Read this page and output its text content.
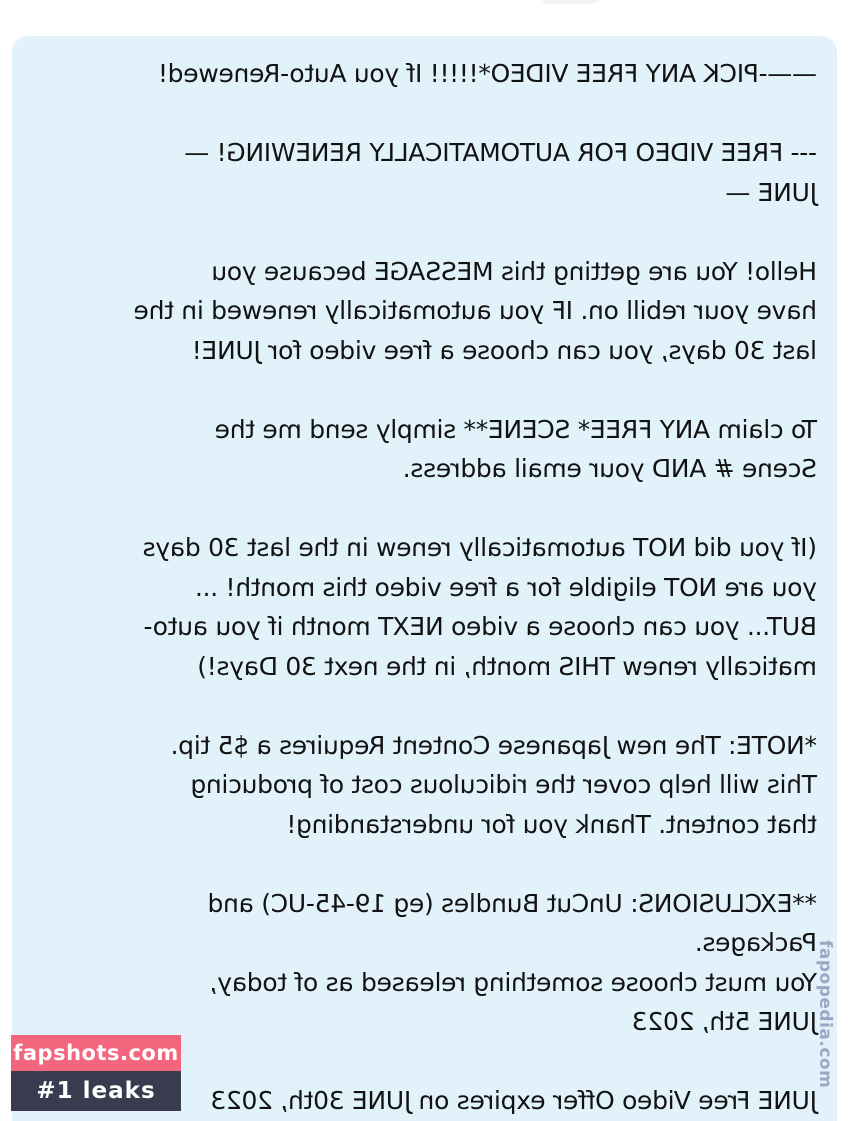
——-PICK ANY FREE VIDEO*!!!!! If you Auto-Renewed!

--- FREE VIDEO FOR AUTOMATICALLY RENEWING! —
JUNE —

Hello! You are getting this MESSAGE because you
have your rebill on. IF you automatically renewed in the
last 30 days, you can choose a free video for JUNE!

To claim ANY FREE* SCENE** simply send me the
Scene # AND your email address.

(If you did NOT automatically renew in the last 30 days
you are NOT eligible for a free video this month! ...
BUT... you can choose a video NEXT month if you auto-
matically renew THIS month, in the next 30 Days!)

*NOTE: The new Japanese Content Requires a $5 tip.
This will help cover the ridiculous cost of producing
that content. Thank you for understanding!

**EXCLUSIONS: UnCut Bundles (eg 19-45-UC) and
Packages.
You must choose something released as of today,
JUNE 5th, 2023

JUNE Free Video Offer expires on JUNE 30th, 2023

fapopedia.com
fapshots.com
#1 leaks
